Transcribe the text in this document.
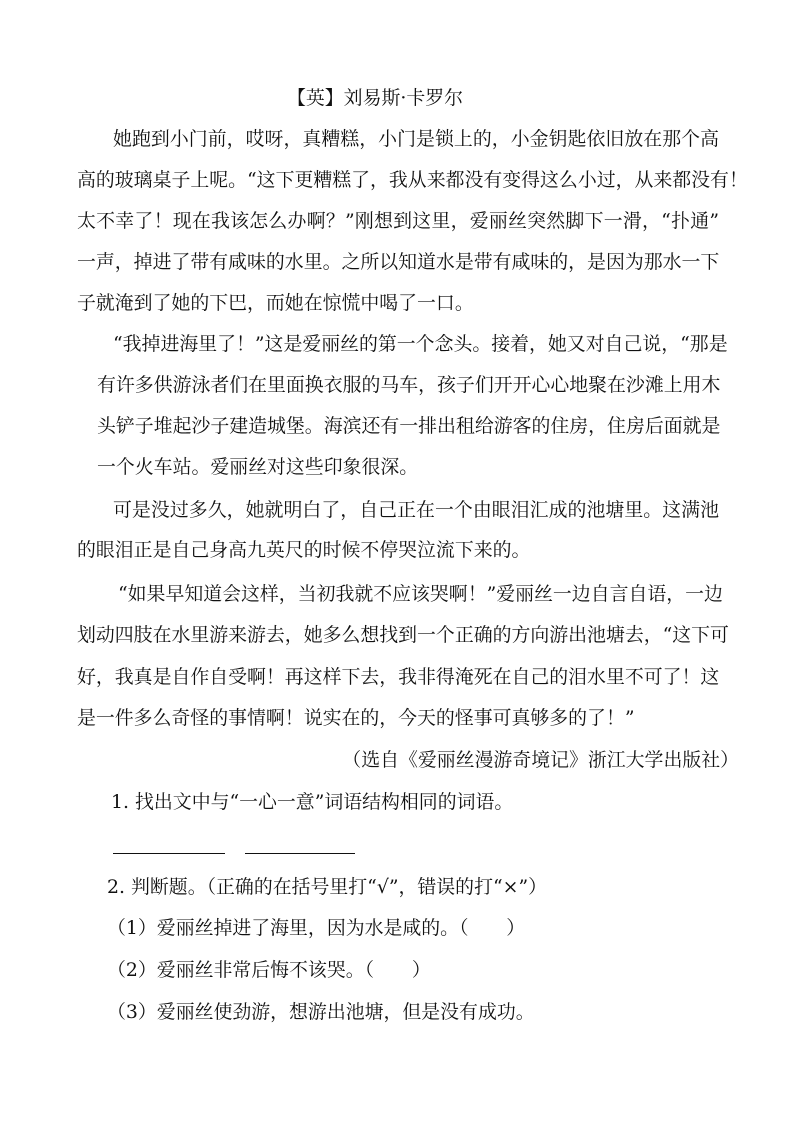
【英】刘易斯·卡罗尔
她跑到小门前，哎呀，真糟糕，小门是锁上的，小金钥匙依旧放在那个高
高的玻璃桌子上呢。“这下更糟糕了，我从来都没有变得这么小过，从来都没有！
太不幸了！现在我该怎么办啊？”刚想到这里，爱丽丝突然脚下一滑，“扑通”
一声，掉进了带有咸味的水里。之所以知道水是带有咸味的，是因为那水一下
子就淹到了她的下巴，而她在惊慌中喝了一口。
“我掉进海里了！”这是爱丽丝的第一个念头。接着，她又对自己说，“那是
有许多供游泳者们在里面换衣服的马车，孩子们开开心心地聚在沙滩上用木
头铲子堆起沙子建造城堡。海滨还有一排出租给游客的住房，住房后面就是
一个火车站。爱丽丝对这些印象很深。
可是没过多久，她就明白了，自己正在一个由眼泪汇成的池塘里。这满池
的眼泪正是自己身高九英尺的时候不停哭泣流下来的。
“如果早知道会这样，当初我就不应该哭啊！”爱丽丝一边自言自语，一边
划动四肢在水里游来游去，她多么想找到一个正确的方向游出池塘去，“这下可
好，我真是自作自受啊！再这样下去，我非得淹死在自己的泪水里不可了！这
是一件多么奇怪的事情啊！说实在的，今天的怪事可真够多的了！”
（选自《爱丽丝漫游奇境记》浙江大学出版社）
1. 找出文中与“一心一意”词语结构相同的词语。
2. 判断题。（正确的在括号里打“√”，错误的打“×”）
（1）爱丽丝掉进了海里，因为水是咸的。（　　）
（2）爱丽丝非常后悔不该哭。（　　）
（3）爱丽丝使劲游，想游出池塘，但是没有成功。
